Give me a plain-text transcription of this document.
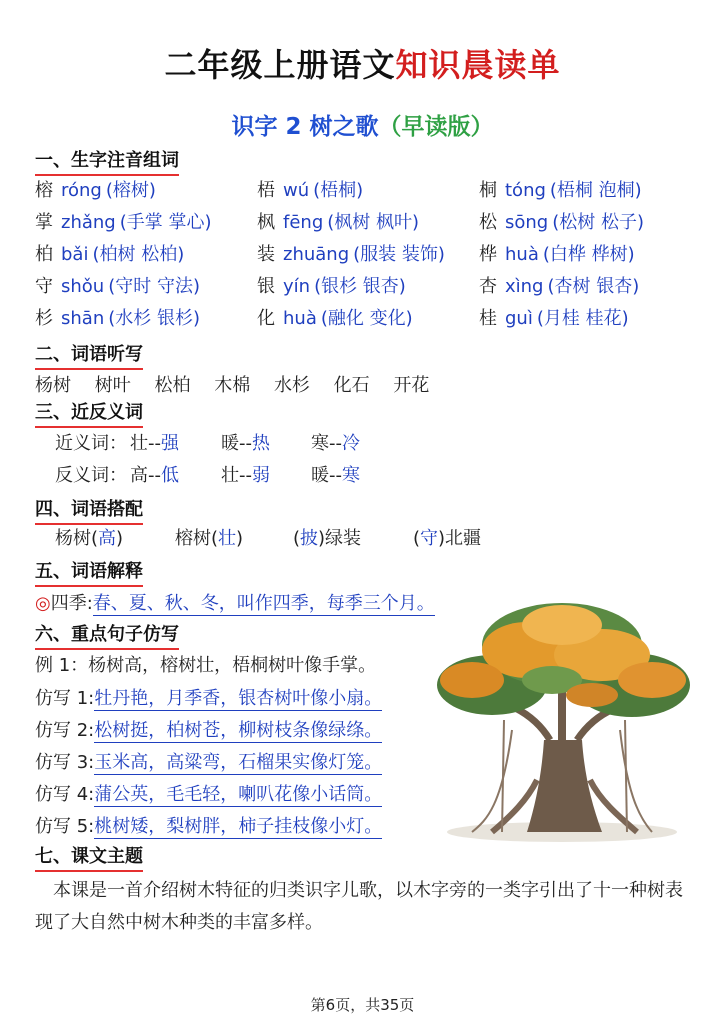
二年级上册语文知识晨读单
识字 2 树之歌（早读版）
一、生字注音组词
榕 róng (榕树)	梧 wú (梧桐)	桐 tóng (梧桐 泡桐)
掌 zhǎng (手掌 掌心)	枫 fēng (枫树 枫叶)	松 sōng (松树 松子)
柏 bǎi (柏树 松柏)	装 zhuāng (服装 装饰) 桦 huà (白桦 桦树)
守 shǒu (守时 守法)	银 yín (银杉 银杏)	杏 xìng (杏树 银杏)
杉 shān (水杉 银杉)	化 huà (融化 变化)	桂 guì (月桂 桂花)
二、词语听写
杨树 树叶 松柏 木棉 水杉 化石 开花
三、近反义词
近义词： 壮--强 暖--热 寒--冷
反义词： 高--低 壮--弱 暖--寒
四、词语搭配
杨树(高)	榕树(壮)	(披)绿装	(守)北疆
五、词语解释
◎四季:春、夏、秋、冬，叫作四季，每季三个月。
六、重点句子仿写
例 1：杨树高，榕树壮，梧桐树叶像手掌。
仿写 1:牡丹艳，月季香，银杏树叶像小扇。
仿写 2:松树挺，柏树苍，柳树枝条像绿绦。
仿写 3:玉米高，高粱弯，石榴果实像灯笼。
仿写 4:蒲公英，毛毛轻，喇叭花像小话筒。
仿写 5:桃树矮，梨树胖，柿子挂枝像小灯。
七、课文主题
本课是一首介绍树木特征的归类识字儿歌，以木字旁的一类字引出了十一种树表现了大自然中树木种类的丰富多样。
第6页，共35页
